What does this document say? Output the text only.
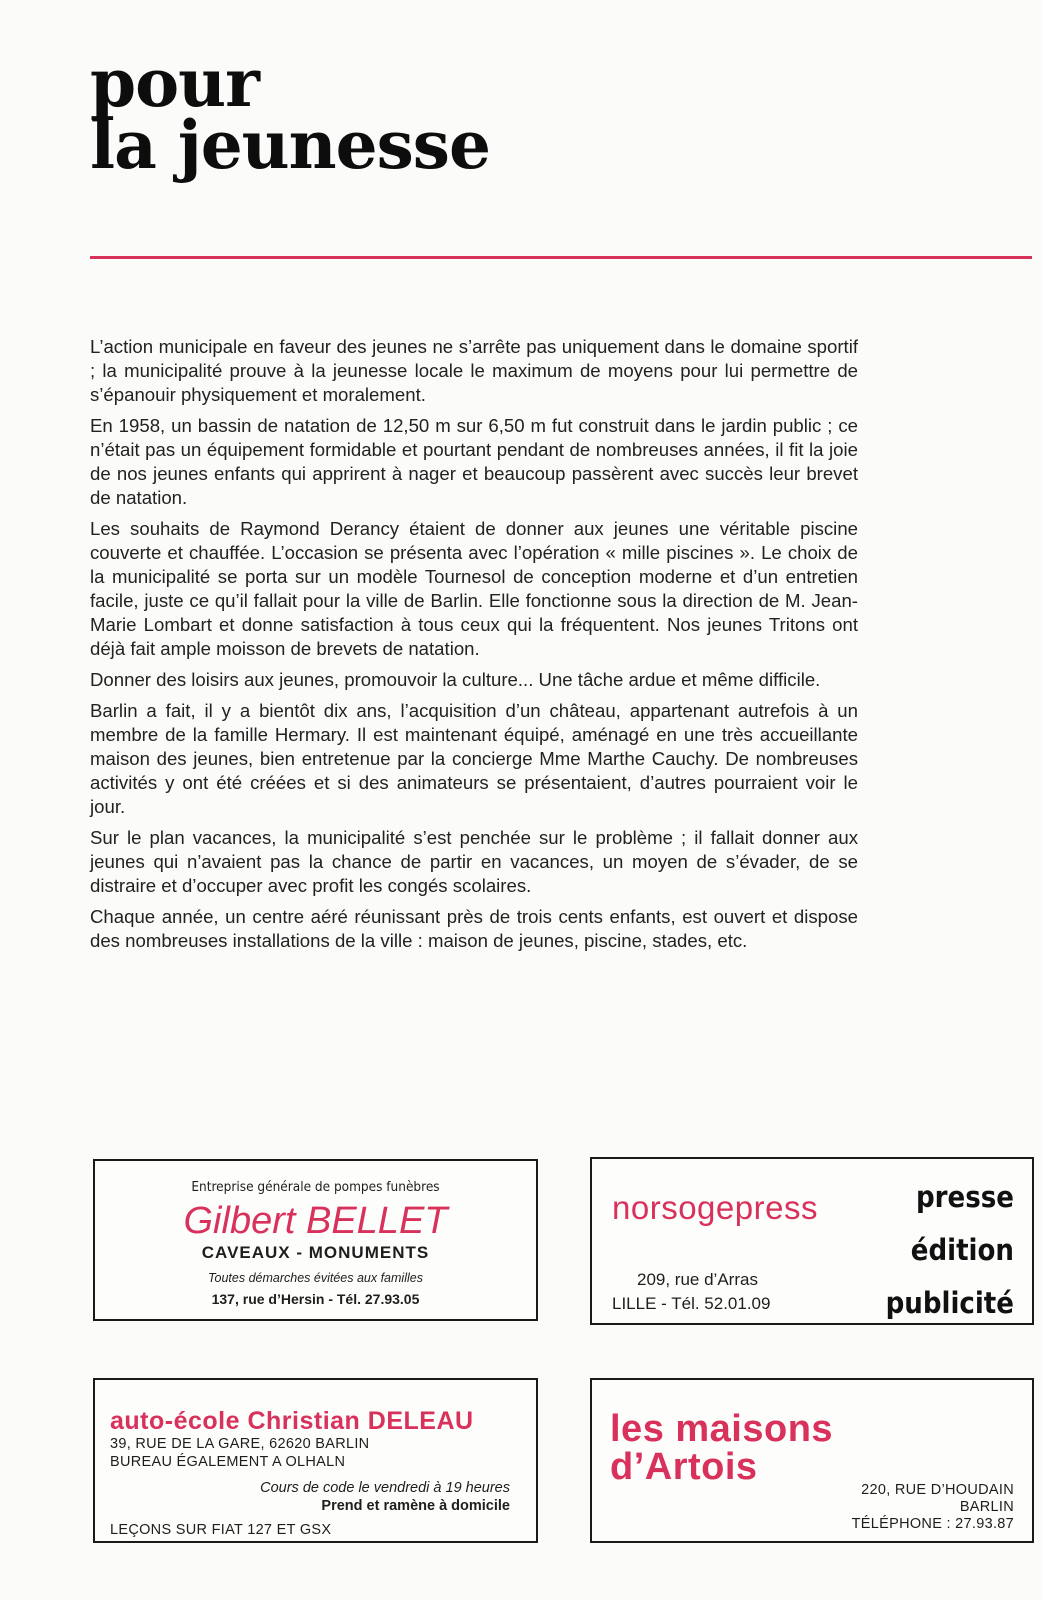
pour
la jeunesse

L’action municipale en faveur des jeunes ne s’arrête pas uniquement dans le domaine sportif ; la municipalité prouve à la jeunesse locale le maximum de moyens pour lui permettre de s’épanouir physiquement et moralement.

En 1958, un bassin de natation de 12,50 m sur 6,50 m fut construit dans le jardin public ; ce n’était pas un équipement formidable et pourtant pendant de nombreuses années, il fit la joie de nos jeunes enfants qui apprirent à nager et beaucoup passèrent avec succès leur brevet de natation.

Les souhaits de Raymond Derancy étaient de donner aux jeunes une véritable piscine couverte et chauffée. L’occasion se présenta avec l’opération « mille piscines ». Le choix de la municipalité se porta sur un modèle Tournesol de conception moderne et d’un entretien facile, juste ce qu’il fallait pour la ville de Barlin. Elle fonctionne sous la direction de M. Jean-Marie Lombart et donne satisfaction à tous ceux qui la fréquentent. Nos jeunes Tritons ont déjà fait ample moisson de brevets de natation.

Donner des loisirs aux jeunes, promouvoir la culture... Une tâche ardue et même difficile.

Barlin a fait, il y a bientôt dix ans, l’acquisition d’un château, appartenant autrefois à un membre de la famille Hermary. Il est maintenant équipé, aménagé en une très accueillante maison des jeunes, bien entretenue par la concierge Mme Marthe Cauchy. De nombreuses activités y ont été créées et si des animateurs se présentaient, d’autres pourraient voir le jour.

Sur le plan vacances, la municipalité s’est penchée sur le problème ; il fallait donner aux jeunes qui n’avaient pas la chance de partir en vacances, un moyen de s’évader, de se distraire et d’occuper avec profit les congés scolaires.

Chaque année, un centre aéré réunissant près de trois cents enfants, est ouvert et dispose des nombreuses installations de la ville : maison de jeunes, piscine, stades, etc.

Entreprise générale de pompes funèbres
Gilbert BELLET
CAVEAUX - MONUMENTS
Toutes démarches évitées aux familles
137, rue d’Hersin - Tél. 27.93.05
norsogepress
209, rue d’Arras
LILLE - Tél. 52.01.09
presse
édition
publicité
auto-école Christian DELEAU
39, RUE DE LA GARE, 62620 BARLIN
BUREAU ÉGALEMENT A OLHALN
Cours de code le vendredi à 19 heures
Prend et ramène à domicile
LEÇONS SUR FIAT 127 ET GSX
les maisons
d’Artois
220, RUE D’HOUDAIN
BARLIN
TÉLÉPHONE : 27.93.87
